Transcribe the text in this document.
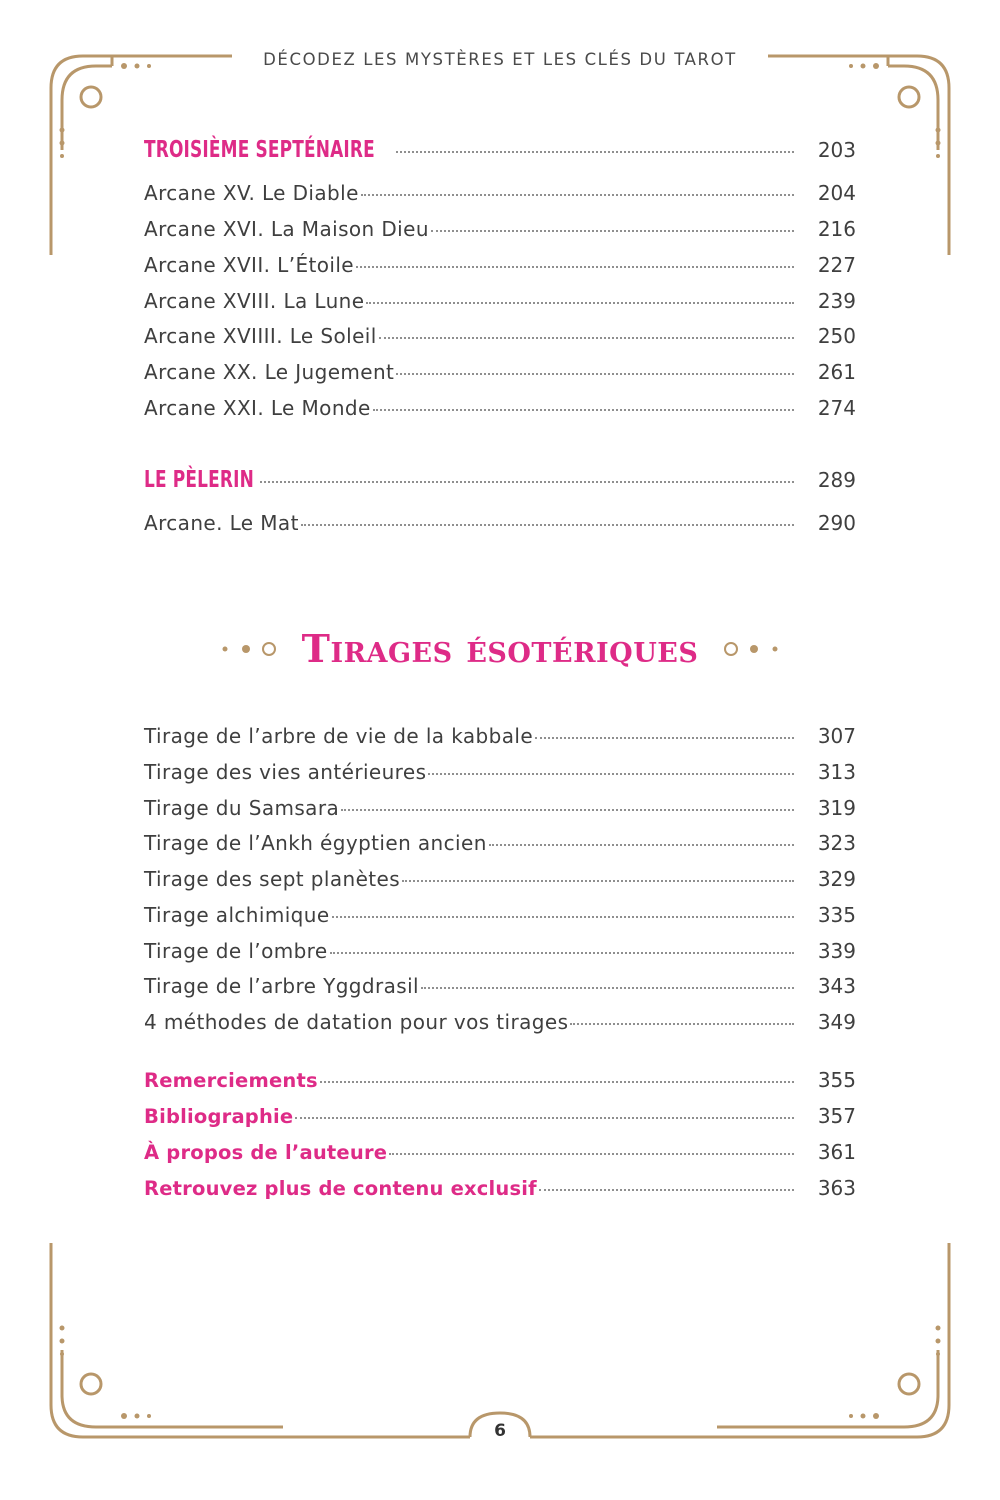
DÉCODEZ LES MYSTÈRES ET LES CLÉS DU TAROT
TROISIÈME SEPTÉNAIRE	203
Arcane XV. Le Diable	204
Arcane XVI. La Maison Dieu	216
Arcane XVII. L’Étoile	227
Arcane XVIII. La Lune	239
Arcane XVIIII. Le Soleil	250
Arcane XX. Le Jugement	261
Arcane XXI. Le Monde	274
LE PÈLERIN	289
Arcane. Le Mat	290
Tirages ésotériques
Tirage de l’arbre de vie de la kabbale	307
Tirage des vies antérieures	313
Tirage du Samsara	319
Tirage de l’Ankh égyptien ancien	323
Tirage des sept planètes	329
Tirage alchimique	335
Tirage de l’ombre	339
Tirage de l’arbre Yggdrasil	343
4 méthodes de datation pour vos tirages	349
Remerciements	355
Bibliographie	357
À propos de l’auteure	361
Retrouvez plus de contenu exclusif	363
6
